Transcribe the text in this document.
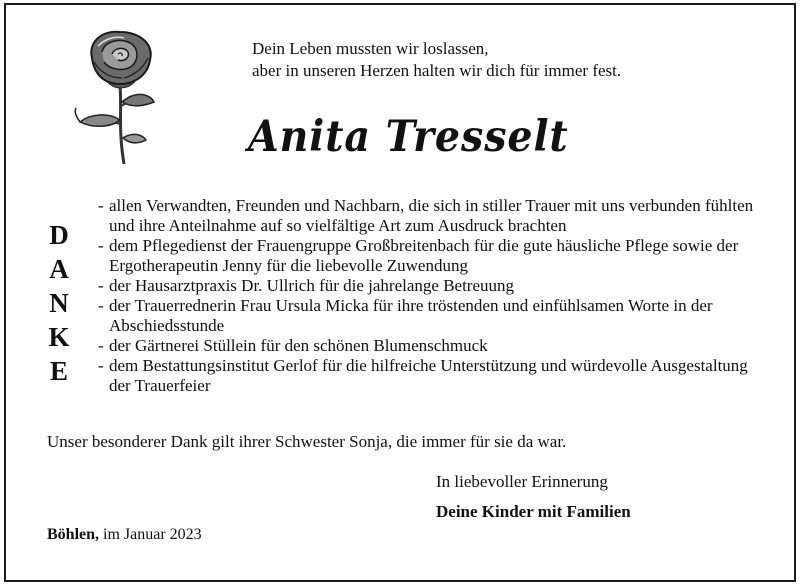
Dein Leben mussten wir loslassen,
aber in unseren Herzen halten wir dich für immer fest.
Anita Tresselt
D
A
N
K
E
- allen Verwandten, Freunden und Nachbarn, die sich in stiller Trauer mit uns verbunden fühlten und ihre Anteilnahme auf so vielfältige Art zum Ausdruck brachten
- dem Pflegedienst der Frauengruppe Großbreitenbach für die gute häusliche Pflege sowie der Ergotherapeutin Jenny für die liebevolle Zuwendung
- der Hausarztpraxis Dr. Ullrich für die jahrelange Betreuung
- der Trauerrednerin Frau Ursula Micka für ihre tröstenden und einfühlsamen Worte in der Abschiedsstunde
- der Gärtnerei Stüllein für den schönen Blumenschmuck
- dem Bestattungsinstitut Gerlof für die hilfreiche Unterstützung und würdevolle Ausgestaltung der Trauerfeier
Unser besonderer Dank gilt ihrer Schwester Sonja, die immer für sie da war.
In liebevoller Erinnerung
Deine Kinder mit Familien
Böhlen, im Januar 2023
